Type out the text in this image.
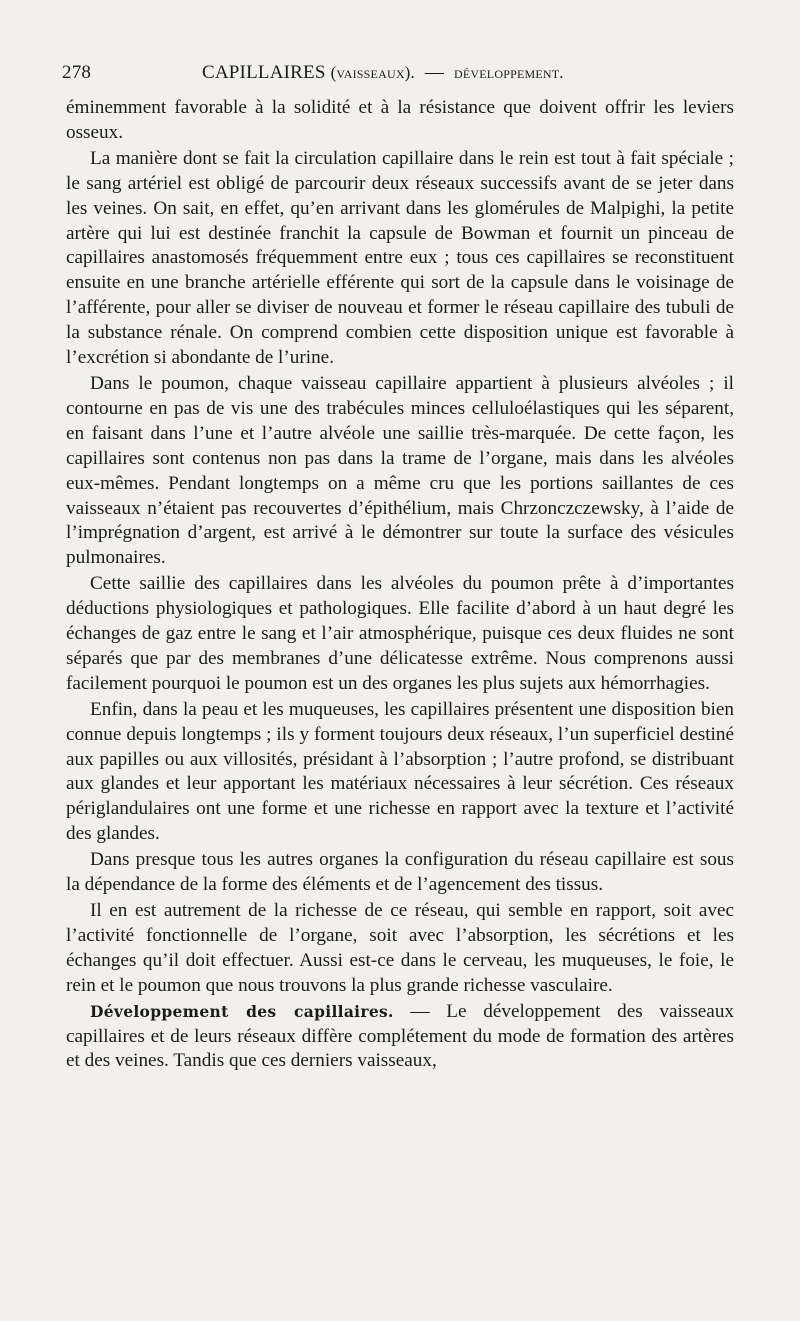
278	CAPILLAIRES (vaisseaux). — développement.

éminemment favorable à la solidité et à la résistance que doivent offrir les leviers osseux.

La manière dont se fait la circulation capillaire dans le rein est tout à fait spéciale ; le sang artériel est obligé de parcourir deux réseaux successifs avant de se jeter dans les veines. On sait, en effet, qu’en arrivant dans les glomérules de Malpighi, la petite artère qui lui est destinée franchit la capsule de Bowman et fournit un pinceau de capillaires anastomosés fréquemment entre eux ; tous ces capillaires se reconstituent ensuite en une branche artérielle efférente qui sort de la capsule dans le voisinage de l’afférente, pour aller se diviser de nouveau et former le réseau capillaire des tubuli de la substance rénale. On comprend combien cette disposition unique est favorable à l’excrétion si abondante de l’urine.

Dans le poumon, chaque vaisseau capillaire appartient à plusieurs alvéoles ; il contourne en pas de vis une des trabécules minces celluloélastiques qui les séparent, en faisant dans l’une et l’autre alvéole une saillie très-marquée. De cette façon, les capillaires sont contenus non pas dans la trame de l’organe, mais dans les alvéoles eux-mêmes. Pendant longtemps on a même cru que les portions saillantes de ces vaisseaux n’étaient pas recouvertes d’épithélium, mais Chrzonczczewsky, à l’aide de l’imprégnation d’argent, est arrivé à le démontrer sur toute la surface des vésicules pulmonaires.

Cette saillie des capillaires dans les alvéoles du poumon prête à d’importantes déductions physiologiques et pathologiques. Elle facilite d’abord à un haut degré les échanges de gaz entre le sang et l’air atmosphérique, puisque ces deux fluides ne sont séparés que par des membranes d’une délicatesse extrême. Nous comprenons aussi facilement pourquoi le poumon est un des organes les plus sujets aux hémorrhagies.

Enfin, dans la peau et les muqueuses, les capillaires présentent une disposition bien connue depuis longtemps ; ils y forment toujours deux réseaux, l’un superficiel destiné aux papilles ou aux villosités, présidant à l’absorption ; l’autre profond, se distribuant aux glandes et leur apportant les matériaux nécessaires à leur sécrétion. Ces réseaux périglandulaires ont une forme et une richesse en rapport avec la texture et l’activité des glandes.

Dans presque tous les autres organes la configuration du réseau capillaire est sous la dépendance de la forme des éléments et de l’agencement des tissus.

Il en est autrement de la richesse de ce réseau, qui semble en rapport, soit avec l’activité fonctionnelle de l’organe, soit avec l’absorption, les sécrétions et les échanges qu’il doit effectuer. Aussi est-ce dans le cerveau, les muqueuses, le foie, le rein et le poumon que nous trouvons la plus grande richesse vasculaire.

Développement des capillaires. — Le développement des vaisseaux capillaires et de leurs réseaux diffère complétement du mode de formation des artères et des veines. Tandis que ces derniers vaisseaux,
